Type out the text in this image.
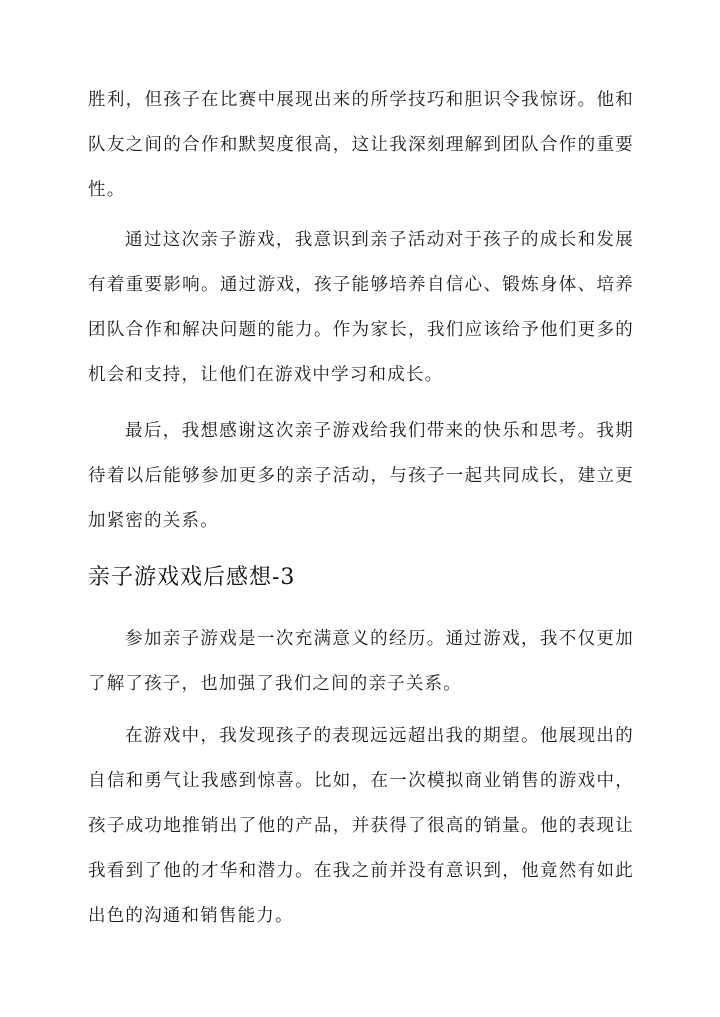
胜利，但孩子在比赛中展现出来的所学技巧和胆识令我惊讶。他和队友之间的合作和默契度很高，这让我深刻理解到团队合作的重要性。

通过这次亲子游戏，我意识到亲子活动对于孩子的成长和发展有着重要影响。通过游戏，孩子能够培养自信心、锻炼身体、培养团队合作和解决问题的能力。作为家长，我们应该给予他们更多的机会和支持，让他们在游戏中学习和成长。

最后，我想感谢这次亲子游戏给我们带来的快乐和思考。我期待着以后能够参加更多的亲子活动，与孩子一起共同成长，建立更加紧密的关系。

亲子游戏戏后感想-3

参加亲子游戏是一次充满意义的经历。通过游戏，我不仅更加了解了孩子，也加强了我们之间的亲子关系。

在游戏中，我发现孩子的表现远远超出我的期望。他展现出的自信和勇气让我感到惊喜。比如，在一次模拟商业销售的游戏中，孩子成功地推销出了他的产品，并获得了很高的销量。他的表现让我看到了他的才华和潜力。在我之前并没有意识到，他竟然有如此出色的沟通和销售能力。
